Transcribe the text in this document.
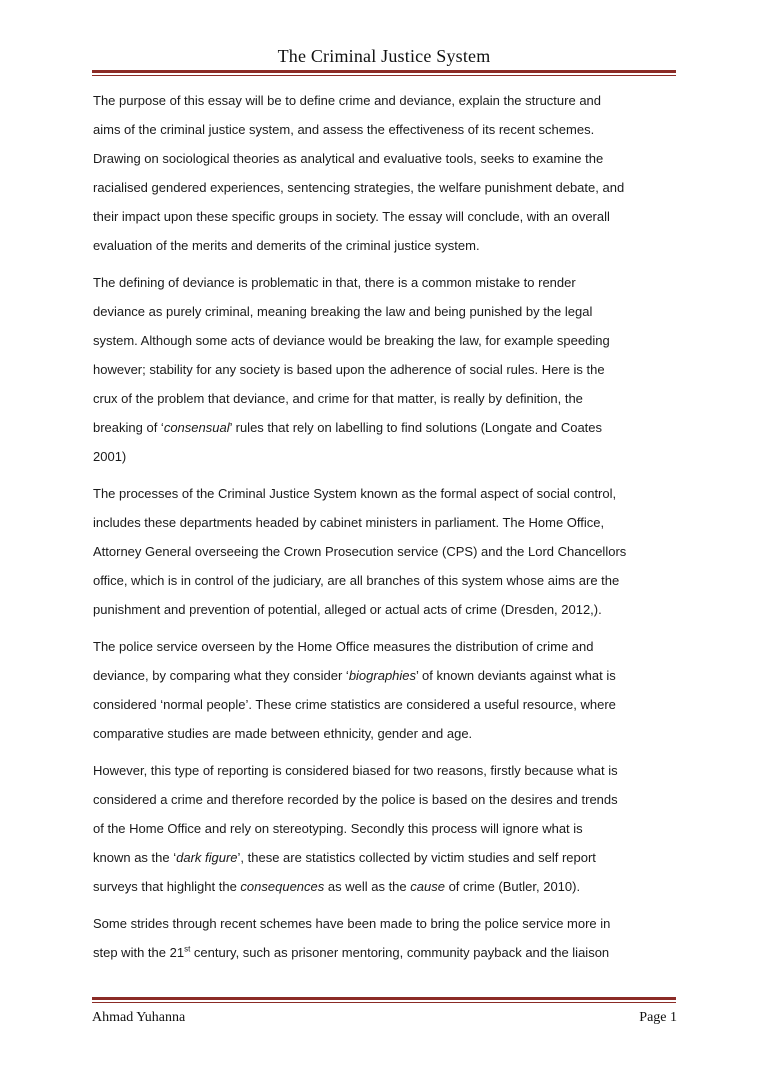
The Criminal Justice System
The purpose of this essay will be to define crime and deviance, explain the structure and
aims of the criminal justice system, and assess the effectiveness of its recent schemes.
Drawing on sociological theories as analytical and evaluative tools, seeks to examine the
racialised gendered experiences, sentencing strategies, the welfare punishment debate, and
their impact upon these specific groups in society. The essay will conclude, with an overall
evaluation of the merits and demerits of the criminal justice system.
The defining of deviance is problematic in that, there is a common mistake to render
deviance as purely criminal, meaning breaking the law and being punished by the legal
system. Although some acts of deviance would be breaking the law, for example speeding
however; stability for any society is based upon the adherence of social rules. Here is the
crux of the problem that deviance, and crime for that matter, is really by definition, the
breaking of ‘consensual’ rules that rely on labelling to find solutions (Longate and Coates
2001)
The processes of the Criminal Justice System known as the formal aspect of social control,
includes these departments headed by cabinet ministers in parliament. The Home Office,
Attorney General overseeing the Crown Prosecution service (CPS) and the Lord Chancellors
office, which is in control of the judiciary, are all branches of this system whose aims are the
punishment and prevention of potential, alleged or actual acts of crime (Dresden, 2012,).
The police service overseen by the Home Office measures the distribution of crime and
deviance, by comparing what they consider ‘biographies’ of known deviants against what is
considered ‘normal people’. These crime statistics are considered a useful resource, where
comparative studies are made between ethnicity, gender and age.
However, this type of reporting is considered biased for two reasons, firstly because what is
considered a crime and therefore recorded by the police is based on the desires and trends
of the Home Office and rely on stereotyping. Secondly this process will ignore what is
known as the ‘dark figure’, these are statistics collected by victim studies and self report
surveys that highlight the consequences as well as the cause of crime (Butler, 2010).
Some strides through recent schemes have been made to bring the police service more in
step with the 21st century, such as prisoner mentoring, community payback and the liaison
Ahmad Yuhanna	Page 1
